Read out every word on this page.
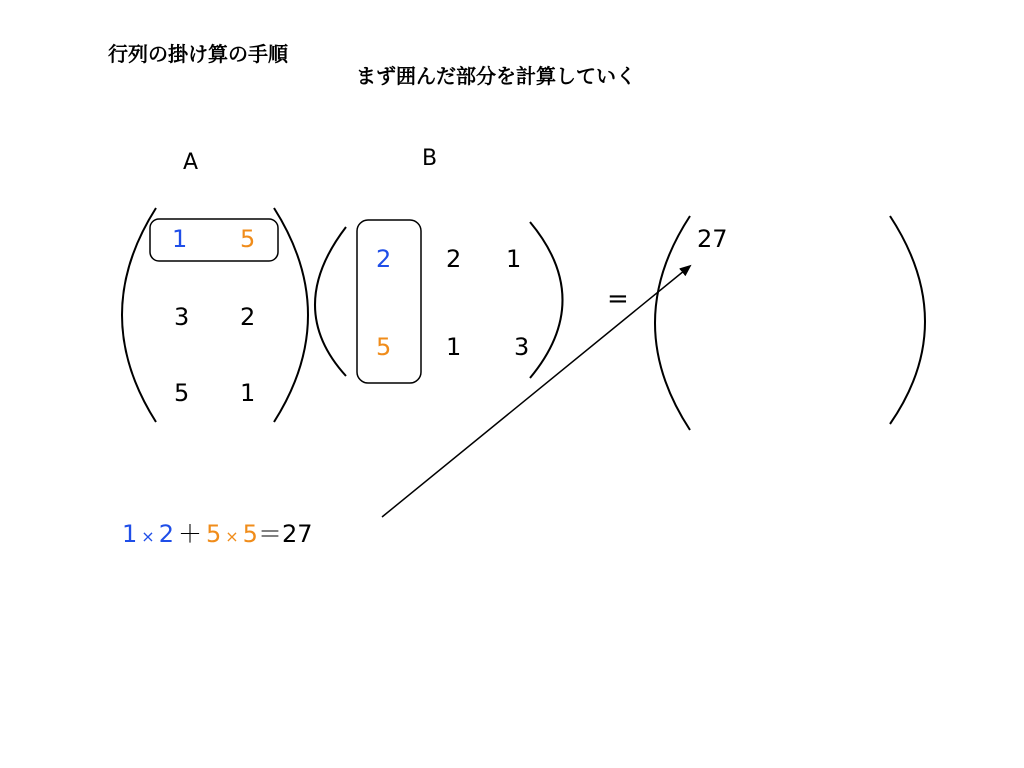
行列の掛け算の手順
まず囲んだ部分を計算していく
A	B
1 5
3 2
5 1
2 2 1
5 1 3
=
27
1 × 2 ＋ 5 × 5＝27
